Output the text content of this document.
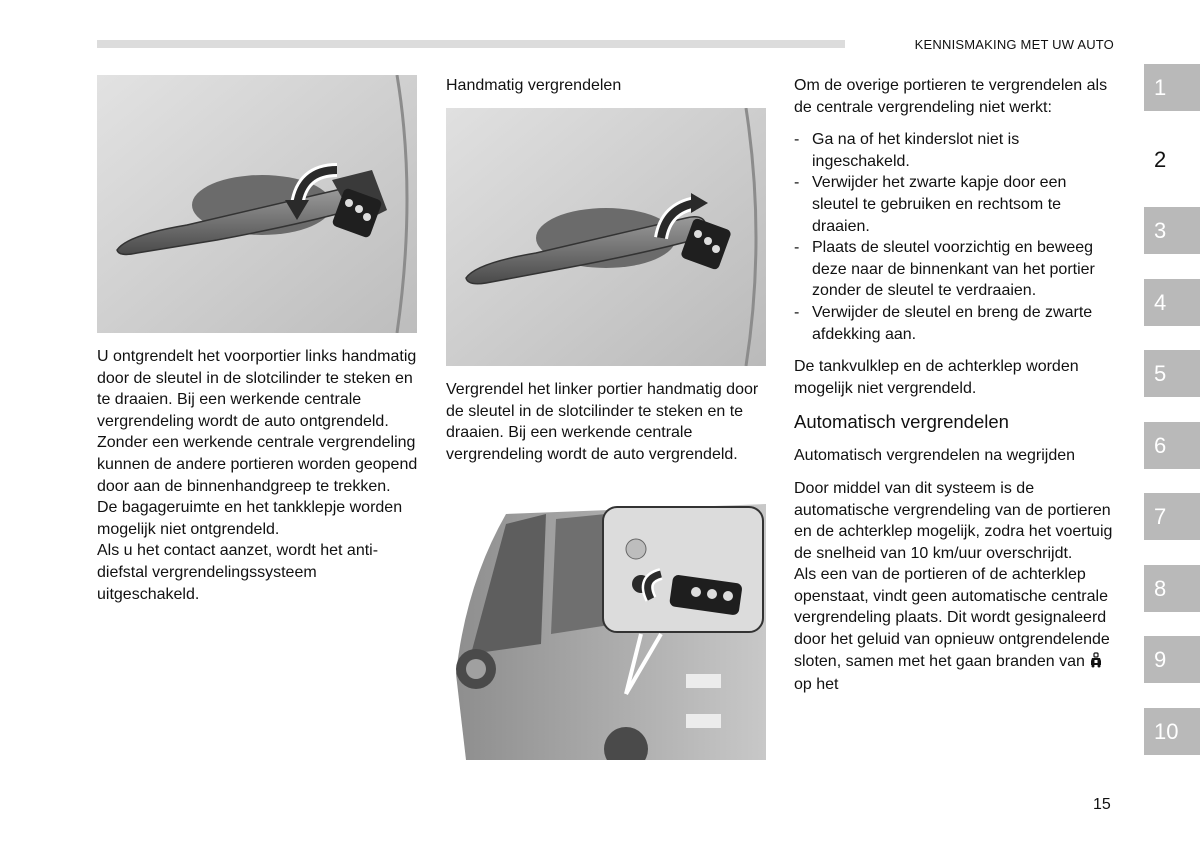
KENNISMAKING MET UW AUTO

U ontgrendelt het voorportier links handmatig door de sleutel in de slotcilinder te steken en te draaien. Bij een werkende centrale vergrendeling wordt de auto ontgrendeld.

Zonder een werkende centrale vergrendeling kunnen de andere portieren worden geopend door aan de binnenhandgreep te trekken.

De bagageruimte en het tankklepje worden mogelijk niet ontgrendeld.

Als u het contact aanzet, wordt het anti-diefstal vergrendelingssysteem uitgeschakeld.

Handmatig vergrendelen

Vergrendel het linker portier handmatig door de sleutel in de slotcilinder te steken en te draaien. Bij een werkende centrale vergrendeling wordt de auto vergrendeld.

Om de overige portieren te vergrendelen als de centrale vergrendeling niet werkt:

- Ga na of het kinderslot niet is ingeschakeld.
- Verwijder het zwarte kapje door een sleutel te gebruiken en rechtsom te draaien.
- Plaats de sleutel voorzichtig en beweeg deze naar de binnenkant van het portier zonder de sleutel te verdraaien.
- Verwijder de sleutel en breng de zwarte afdekking aan.

De tankvulklep en de achterklep worden mogelijk niet vergrendeld.

Automatisch vergrendelen

Automatisch vergrendelen na wegrijden

Door middel van dit systeem is de automatische vergrendeling van de portieren en de achterklep mogelijk, zodra het voertuig de snelheid van 10 km/uur overschrijdt.

Als een van de portieren of de achterklep openstaat, vindt geen automatische centrale vergrendeling plaats. Dit wordt gesignaleerd door het geluid van opnieuw ontgrendelende sloten, samen met het gaan branden van  op het

1
2
3
4
5
6
7
8
9
10
15
